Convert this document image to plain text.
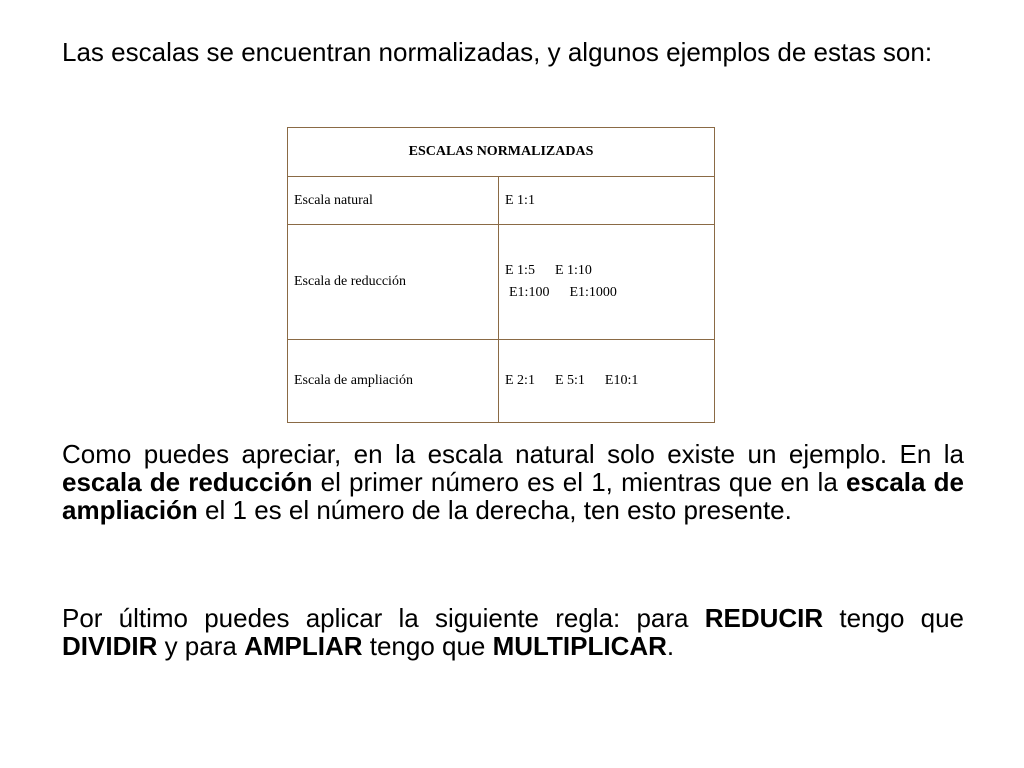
Las escalas se encuentran normalizadas, y algunos ejemplos de estas son:

ESCALAS NORMALIZADAS	
Escala natural	E 1:1
Escala de reducción	E 1:5 E 1:10
E1:100 E1:1000

Escala de ampliación	E 2:1 E 5:1 E10:1

Como puedes apreciar, en la escala natural solo existe un ejemplo. En la escala de reducción el primer número es el 1, mientras que en la escala de ampliación el 1 es el número de la derecha, ten esto presente.

Por último puedes aplicar la siguiente regla: para REDUCIR tengo que DIVIDIR y para AMPLIAR tengo que MULTIPLICAR.
